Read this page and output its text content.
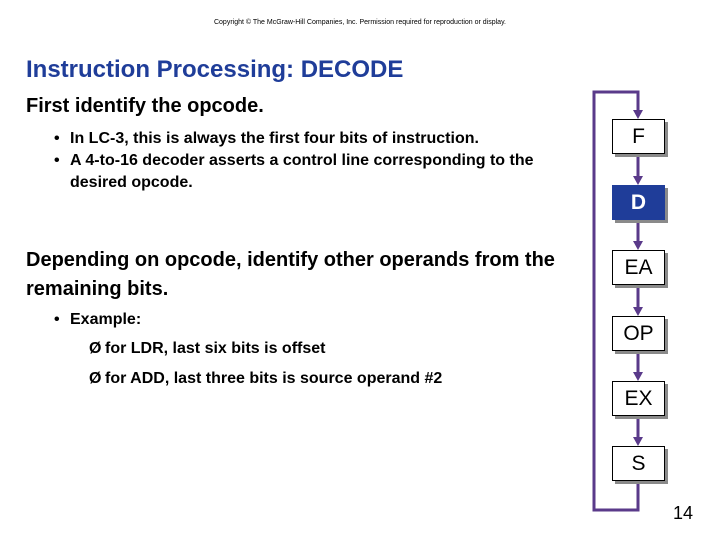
Copyright © The McGraw-Hill Companies, Inc. Permission required for reproduction or display.
Instruction Processing: DECODE
First identify the opcode.
• In LC-3, this is always the first four bits of instruction.
• A 4-to-16 decoder asserts a control line corresponding to the desired opcode.
Depending on opcode, identify other operands from the remaining bits.
• Example:
Ø for LDR, last six bits is offset
Ø for ADD, last three bits is source operand #2
F
D
EA
OP
EX
S
14
